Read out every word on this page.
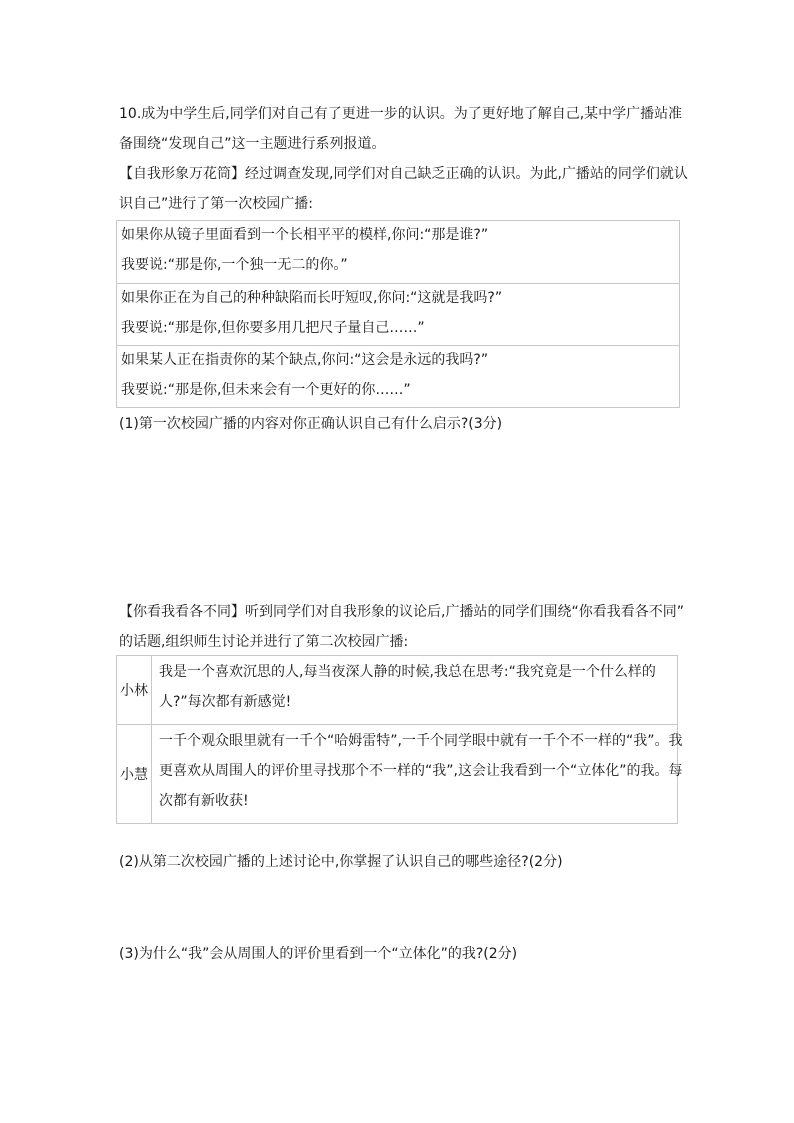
10.成为中学生后,同学们对自己有了更进一步的认识。为了更好地了解自己,某中学广播站准
备围绕“发现自己”这一主题进行系列报道。
【自我形象万花筒】经过调查发现,同学们对自己缺乏正确的认识。为此,广播站的同学们就认
识自己”进行了第一次校园广播:
如果你从镜子里面看到一个长相平平的模样,你问:“那是谁?”
我要说:“那是你,一个独一无二的你。”
如果你正在为自己的种种缺陷而长吁短叹,你问:“这就是我吗?”
我要说:“那是你,但你要多用几把尺子量自己……”
如果某人正在指责你的某个缺点,你问:“这会是永远的我吗?”
我要说:“那是你,但未来会有一个更好的你……”
(1)第一次校园广播的内容对你正确认识自己有什么启示?(3分)
【你看我看各不同】听到同学们对自我形象的议论后,广播站的同学们围绕“你看我看各不同”
的话题,组织师生讨论并进行了第二次校园广播:
小林	我是一个喜欢沉思的人,每当夜深人静的时候,我总在思考:“我究竟是一个什么样的
人?”每次都有新感觉!

小慧	一千个观众眼里就有一千个“哈姆雷特”,一千个同学眼中就有一千个不一样的“我”。我
更喜欢从周围人的评价里寻找那个不一样的“我”,这会让我看到一个“立体化”的我。每
次都有新收获!
(2)从第二次校园广播的上述讨论中,你掌握了认识自己的哪些途径?(2分)
(3)为什么“我”会从周围人的评价里看到一个“立体化”的我?(2分)
